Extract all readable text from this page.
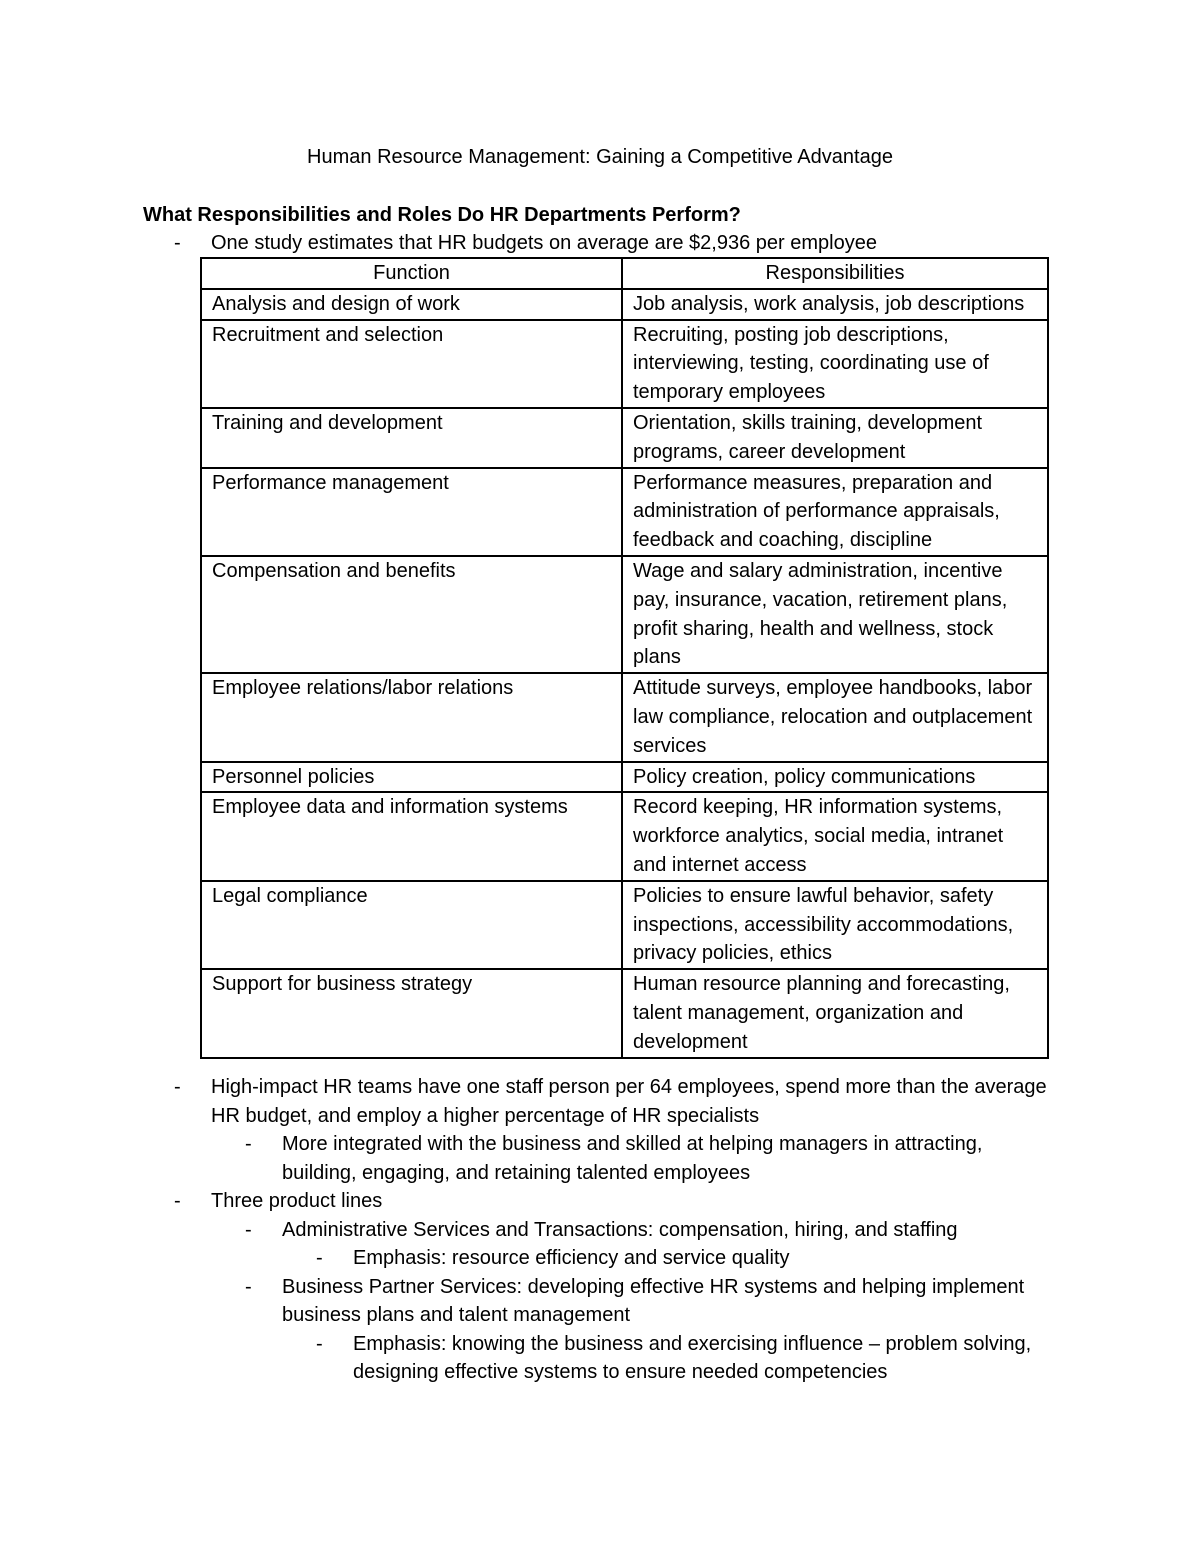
Human Resource Management: Gaining a Competitive Advantage
What Responsibilities and Roles Do HR Departments Perform?
- One study estimates that HR budgets on average are $2,936 per employee
Function	Responsibilities
Analysis and design of work	Job analysis, work analysis, job descriptions
Recruitment and selection	Recruiting, posting job descriptions, interviewing, testing, coordinating use of temporary employees
Training and development	Orientation, skills training, development programs, career development
Performance management	Performance measures, preparation and administration of performance appraisals, feedback and coaching, discipline
Compensation and benefits	Wage and salary administration, incentive pay, insurance, vacation, retirement plans, profit sharing, health and wellness, stock plans
Employee relations/labor relations	Attitude surveys, employee handbooks, labor law compliance, relocation and outplacement services
Personnel policies	Policy creation, policy communications
Employee data and information systems	Record keeping, HR information systems, workforce analytics, social media, intranet and internet access
Legal compliance	Policies to ensure lawful behavior, safety inspections, accessibility accommodations, privacy policies, ethics
Support for business strategy	Human resource planning and forecasting, talent management, organization and development
- High-impact HR teams have one staff person per 64 employees, spend more than the average HR budget, and employ a higher percentage of HR specialists
- More integrated with the business and skilled at helping managers in attracting, building, engaging, and retaining talented employees
- Three product lines
- Administrative Services and Transactions: compensation, hiring, and staffing
- Emphasis: resource efficiency and service quality
- Business Partner Services: developing effective HR systems and helping implement business plans and talent management
- Emphasis: knowing the business and exercising influence – problem solving, designing effective systems to ensure needed competencies
